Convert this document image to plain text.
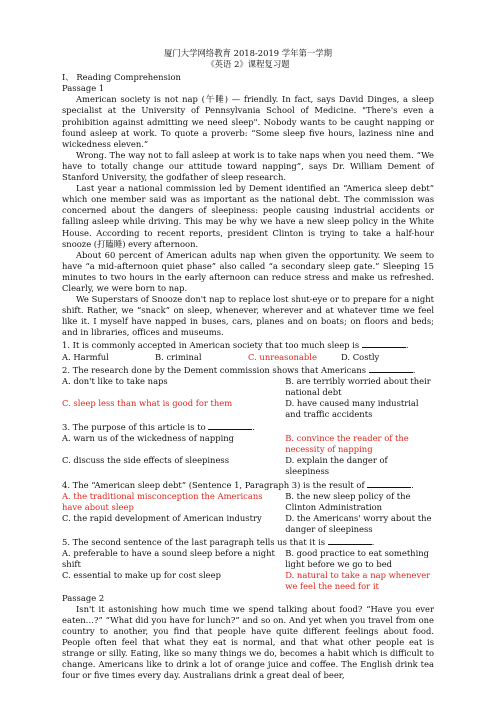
厦门大学网络教育 2018-2019 学年第一学期
《英语 2》课程复习题
Ⅰ、 Reading Comprehension
Passage 1

American society is not nap (午睡) — friendly. In fact, says David Dinges, a sleep specialist at the University of Pennsylvania School of Medicine. "There's even a prohibition against admitting we need sleep". Nobody wants to be caught napping or found asleep at work. To quote a proverb: “Some sleep five hours, laziness nine and wickedness eleven.”

Wrong. The way not to fall asleep at work is to take naps when you need them. “We have to totally change our attitude toward napping”, says Dr. William Dement of Stanford University, the godfather of sleep research.

Last year a national commission led by Dement identified an “America sleep debt” which one member said was as important as the national debt. The commission was concerned about the dangers of sleepiness: people causing industrial accidents or falling asleep while driving. This may be why we have a new sleep policy in the White House. According to recent reports, president Clinton is trying to take a half-hour snooze (打瞌睡) every afternoon.

About 60 percent of American adults nap when given the opportunity. We seem to have “a mid-afternoon quiet phase” also called “a secondary sleep gate.” Sleeping 15 minutes to two hours in the early afternoon can reduce stress and make us refreshed. Clearly, we were born to nap.

We Superstars of Snooze don't nap to replace lost shut-eye or to prepare for a night shift. Rather, we “snack” on sleep, whenever, wherever and at whatever time we feel like it. I myself have napped in buses, cars, planes and on boats; on floors and beds; and in libraries, offices and museums.

1. It is commonly accepted in American society that too much sleep is	.
A. Harmful	B. criminal	C. unreasonable	D. Costly
2. The research done by the Dement commission shows that Americans	.
A. don't like to take naps	B. are terribly worried about their national debt
C. sleep less than what is good for them	D. have caused many industrial and traffic accidents
3. The purpose of this article is to	.
A. warn us of the wickedness of napping	B. convince the reader of the necessity of napping
C. discuss the side effects of sleepiness	D. explain the danger of sleepiness
4. The “American sleep debt” (Sentence 1, Paragraph 3) is the result of	.
A. the traditional misconception the Americans have about sleep
B. the new sleep policy of the Clinton Administration
C. the rapid development of American industry	D. the Americans' worry about the danger of sleepiness
5. The second sentence of the last paragraph tells us that it is	.
A. preferable to have a sound sleep before a night shift
B. good practice to eat something light before we go to bed
C. essential to make up for cost sleep	D. natural to take a nap whenever we feel the need for it
Passage 2

Isn't it astonishing how much time we spend talking about food? “Have you ever eaten…?” “What did you have for lunch?” and so on. And yet when you travel from one country to another, you find that people have quite different feelings about food. People often feel that what they eat is normal, and that what other people eat is strange or silly. Eating, like so many things we do, becomes a habit which is difficult to change. Americans like to drink a lot of orange juice and coffee. The English drink tea four or five times every day. Australians drink a great deal of beer,
